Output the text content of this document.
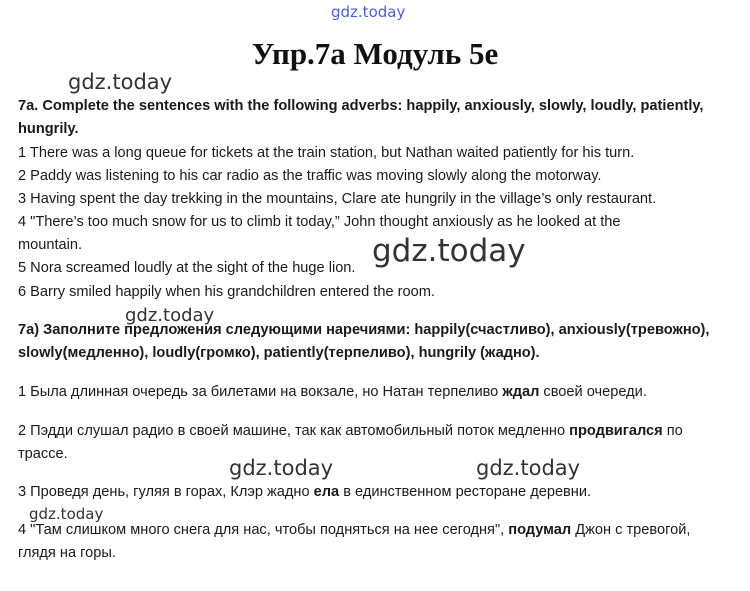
gdz.today
gdz.today
gdz.today
gdz.today
gdz.today	gdz.today
gdz.today
Упр.7а Модуль 5е
7a. Complete the sentences with the following adverbs: happily, anxiously, slowly, loudly, patiently,
hungrily.
1 There was a long queue for tickets at the train station, but Nathan waited patiently for his turn.
2 Paddy was listening to his car radio as the traffic was moving slowly along the motorway.
3 Having spent the day trekking in the mountains, Clare ate hungrily in the village’s only restaurant.
4 "There’s too much snow for us to climb it today,” John thought anxiously as he looked at the
mountain.
5 Nora screamed loudly at the sight of the huge lion.
6 Barry smiled happily when his grandchildren entered the room.
7a) Заполните предложения следующими наречиями: happily(счастливо), anxiously(тревожно),
slowly(медленно), loudly(громко), patiently(терпеливо), hungrily (жадно).
1 Была длинная очередь за билетами на вокзале, но Натан терпеливо ждал своей очереди.
2 Пэдди слушал радио в своей машине, так как автомобильный поток медленно продвигался по
трассе.
3 Проведя день, гуляя в горах, Клэр жадно ела в единственном ресторане деревни.
4 "Там слишком много снега для нас, чтобы подняться на нее сегодня", подумал Джон с тревогой,
глядя на горы.
